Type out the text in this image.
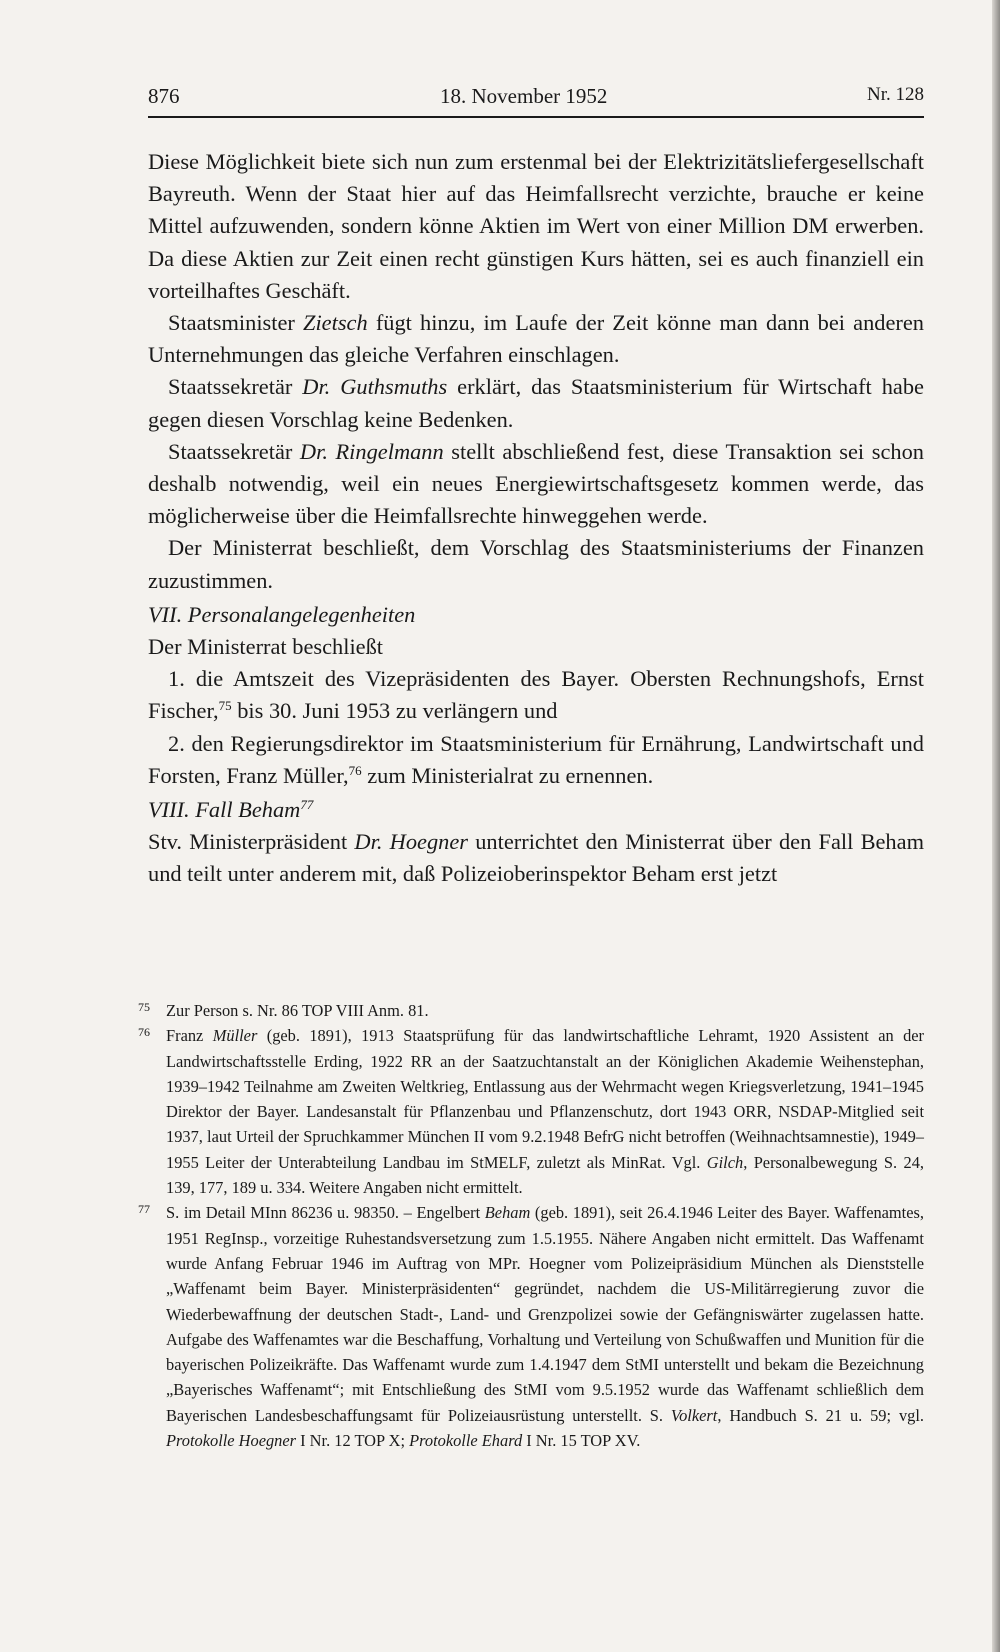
876	18. November 1952	Nr. 128

Diese Möglichkeit biete sich nun zum erstenmal bei der Elektrizitätsliefergesellschaft Bayreuth. Wenn der Staat hier auf das Heimfallsrecht verzichte, brauche er keine Mittel aufzuwenden, sondern könne Aktien im Wert von einer Million DM erwerben. Da diese Aktien zur Zeit einen recht günstigen Kurs hätten, sei es auch finanziell ein vorteilhaftes Geschäft.

Staatsminister Zietsch fügt hinzu, im Laufe der Zeit könne man dann bei anderen Unternehmungen das gleiche Verfahren einschlagen.

Staatssekretär Dr. Guthsmuths erklärt, das Staatsministerium für Wirtschaft habe gegen diesen Vorschlag keine Bedenken.

Staatssekretär Dr. Ringelmann stellt abschließend fest, diese Transaktion sei schon deshalb notwendig, weil ein neues Energiewirtschaftsgesetz kommen werde, das möglicherweise über die Heimfallsrechte hinweggehen werde.

Der Ministerrat beschließt, dem Vorschlag des Staatsministeriums der Finanzen zuzustimmen.

VII. Personalangelegenheiten

Der Ministerrat beschließt

1. die Amtszeit des Vizepräsidenten des Bayer. Obersten Rechnungshofs, Ernst Fischer,$^{75}$ bis 30. Juni 1953 zu verlängern und

2. den Regierungsdirektor im Staatsministerium für Ernährung, Landwirtschaft und Forsten, Franz Müller,$^{76}$ zum Ministerialrat zu ernennen.

VIII. Fall Beham$^{77}$

Stv. Ministerpräsident Dr. Hoegner unterrichtet den Ministerrat über den Fall Beham und teilt unter anderem mit, daß Polizeioberinspektor Beham erst jetzt

75 Zur Person s. Nr. 86 TOP VIII Anm. 81.

76 Franz Müller (geb. 1891), 1913 Staatsprüfung für das landwirtschaftliche Lehramt, 1920 Assistent an der Landwirtschaftsstelle Erding, 1922 RR an der Saatzuchtanstalt an der Königlichen Akademie Weihenstephan, 1939–1942 Teilnahme am Zweiten Weltkrieg, Entlassung aus der Wehrmacht wegen Kriegsverletzung, 1941–1945 Direktor der Bayer. Landesanstalt für Pflanzenbau und Pflanzenschutz, dort 1943 ORR, NSDAP-Mitglied seit 1937, laut Urteil der Spruchkammer München II vom 9.2.1948 BefrG nicht betroffen (Weihnachtsamnestie), 1949–1955 Leiter der Unterabteilung Landbau im StMELF, zuletzt als MinRat. Vgl. Gilch, Personalbewegung S. 24, 139, 177, 189 u. 334. Weitere Angaben nicht ermittelt.

77 S. im Detail MInn 86236 u. 98350. – Engelbert Beham (geb. 1891), seit 26.4.1946 Leiter des Bayer. Waffenamtes, 1951 RegInsp., vorzeitige Ruhestandsversetzung zum 1.5.1955. Nähere Angaben nicht ermittelt. Das Waffenamt wurde Anfang Februar 1946 im Auftrag von MPr. Hoegner vom Polizeipräsidium München als Dienststelle „Waffenamt beim Bayer. Ministerpräsidenten“ gegründet, nachdem die US-Militärregierung zuvor die Wiederbewaffnung der deutschen Stadt-, Land- und Grenzpolizei sowie der Gefängniswärter zugelassen hatte. Aufgabe des Waffenamtes war die Beschaffung, Vorhaltung und Verteilung von Schußwaffen und Munition für die bayerischen Polizeikräfte. Das Waffenamt wurde zum 1.4.1947 dem StMI unterstellt und bekam die Bezeichnung „Bayerisches Waffenamt“; mit Entschließung des StMI vom 9.5.1952 wurde das Waffenamt schließlich dem Bayerischen Landesbeschaffungsamt für Polizeiausrüstung unterstellt. S. Volkert, Handbuch S. 21 u. 59; vgl. Protokolle Hoegner I Nr. 12 TOP X; Protokolle Ehard I Nr. 15 TOP XV.
